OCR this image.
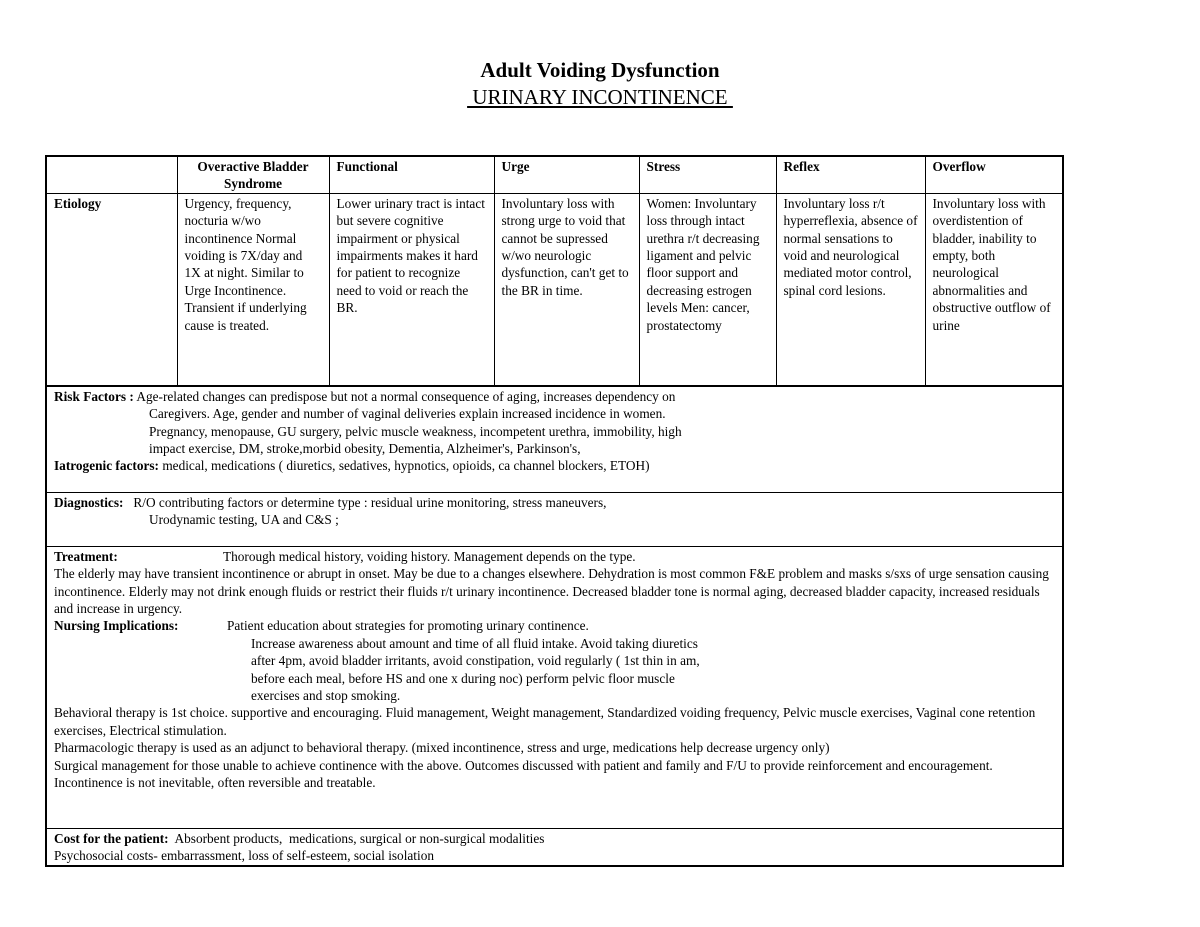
Adult Voiding Dysfunction
URINARY INCONTINENCE
	Overactive Bladder Syndrome	Functional	Urge	Stress	Reflex	Overflow
Etiology	Urgency, frequency, nocturia w/wo incontinence Normal voiding is 7X/day and 1X at night. Similar to Urge Incontinence. Transient if underlying cause is treated.	Lower urinary tract is intact but severe cognitive impairment or physical impairments makes it hard for patient to recognize need to void or reach the BR.	Involuntary loss with strong urge to void that cannot be supressed w/wo neurologic dysfunction, can't get to the BR in time.	Women: Involuntary loss through intact urethra r/t decreasing ligament and pelvic floor support and decreasing estrogen levels Men: cancer, prostatectomy	Involuntary loss r/t hyperreflexia, absence of normal sensations to void and neurological mediated motor control, spinal cord lesions.	Involuntary loss with overdistention of bladder, inability to empty, both neurological abnormalities and obstructive outflow of urine
Risk Factors : Age-related changes can predispose but not a normal consequence of aging, increases dependency on
Caregivers. Age, gender and number of vaginal deliveries explain increased incidence in women.
Pregnancy, menopause, GU surgery, pelvic muscle weakness, incompetent urethra, immobility, high
impact exercise, DM, stroke,morbid obesity, Dementia, Alzheimer's, Parkinson's,
Iatrogenic factors: medical, medications ( diuretics, sedatives, hypnotics, opioids, ca channel blockers, ETOH)
Diagnostics:   R/O contributing factors or determine type : residual urine monitoring, stress maneuvers,
Urodynamic testing, UA and C&S ;
Treatment:	Thorough medical history, voiding history. Management depends on the type.
The elderly may have transient incontinence or abrupt in onset. May be due to a changes elsewhere. Dehydration is most common F&E problem and masks s/sxs of urge sensation causing incontinence. Elderly may not drink enough fluids or restrict their fluids r/t urinary incontinence. Decreased bladder tone is normal aging, decreased bladder capacity, increased residuals and increase in urgency.
Nursing Implications:	Patient education about strategies for promoting urinary continence.
Increase awareness about amount and time of all fluid intake. Avoid taking diuretics
after 4pm, avoid bladder irritants, avoid constipation, void regularly ( 1st thin in am,
before each meal, before HS and one x during noc) perform pelvic floor muscle
exercises and stop smoking.
Behavioral therapy is 1st choice. supportive and encouraging. Fluid management, Weight management, Standardized voiding frequency, Pelvic muscle exercises, Vaginal cone retention exercises, Electrical stimulation.
Pharmacologic therapy is used as an adjunct to behavioral therapy. (mixed incontinence, stress and urge, medications help decrease urgency only)
Surgical management for those unable to achieve continence with the above. Outcomes discussed with patient and family and F/U to provide reinforcement and encouragement.
Incontinence is not inevitable, often reversible and treatable.
Cost for the patient:  Absorbent products,  medications, surgical or non-surgical modalities
Psychosocial costs- embarrassment, loss of self-esteem, social isolation
